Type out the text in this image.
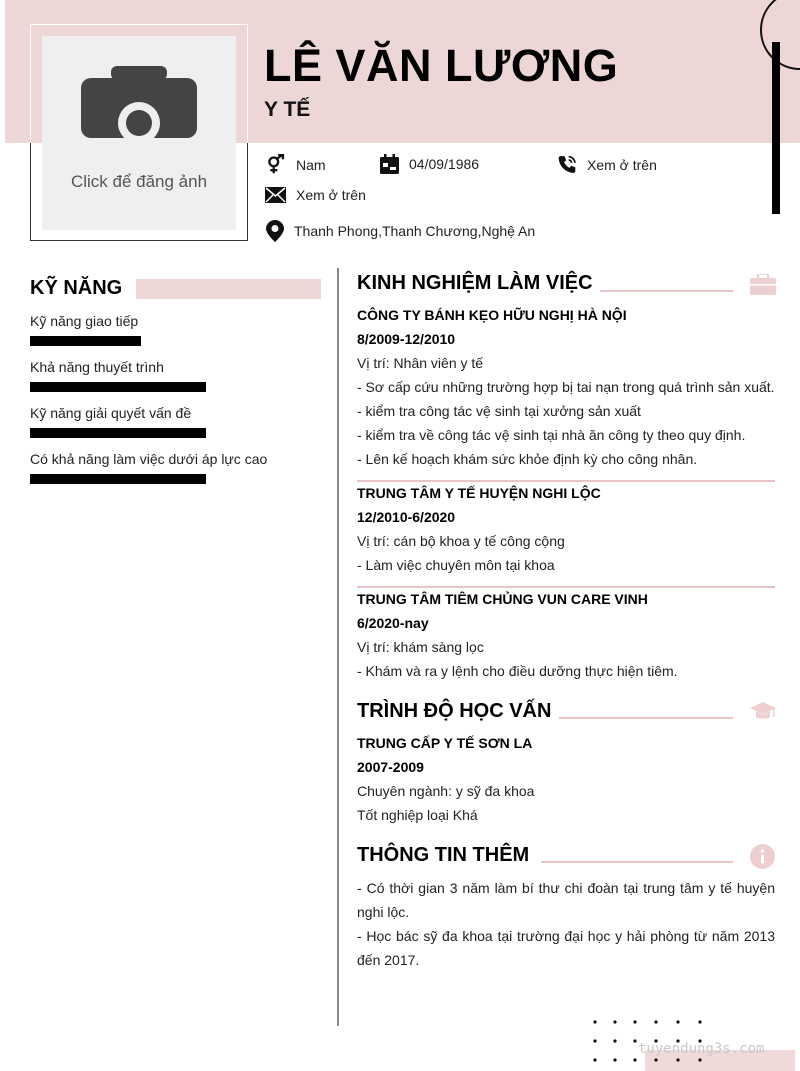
Click để đăng ảnh
LÊ VĂN LƯƠNG
Y TẾ
Nam	04/09/1986	Xem ở trên
Xem ở trên
Thanh Phong,Thanh Chương,Nghệ An
KỸ NĂNG
Kỹ năng giao tiếp
Khả năng thuyết trình
Kỹ năng giải quyết vấn đề
Có khả năng làm việc dưới áp lực cao
KINH NGHIỆM LÀM VIỆC
CÔNG TY BÁNH KẸO HỮU NGHỊ HÀ NỘI
8/2009-12/2010
Vị trí: Nhân viên y tế
- Sơ cấp cứu những trường hợp bị tai nạn trong quá trình sản xuất.
- kiểm tra công tác vệ sinh tại xưởng sản xuất
- kiểm tra về công tác vệ sinh tại nhà ăn công ty theo quy định.
- Lên kế hoạch khám sức khỏe định kỳ cho công nhân.
TRUNG TÂM Y TẾ HUYỆN NGHI LỘC
12/2010-6/2020
Vị trí: cán bộ khoa y tế công cộng
- Làm việc chuyên môn tại khoa
TRUNG TÂM TIÊM CHỦNG VUN CARE VINH
6/2020-nay
Vị trí: khám sàng lọc
- Khám và ra y lệnh cho điều dưỡng thực hiện tiêm.
TRÌNH ĐỘ HỌC VẤN
TRUNG CẤP Y TẾ SƠN LA
2007-2009
Chuyên ngành: y sỹ đa khoa
Tốt nghiệp loại Khá
THÔNG TIN THÊM
- Có thời gian 3 năm làm bí thư chi đoàn tại trung tâm y tế huyện nghi lộc.
- Học bác sỹ đa khoa tại trường đại học y hải phòng từ năm 2013 đến 2017.
tuyendung3s.com
